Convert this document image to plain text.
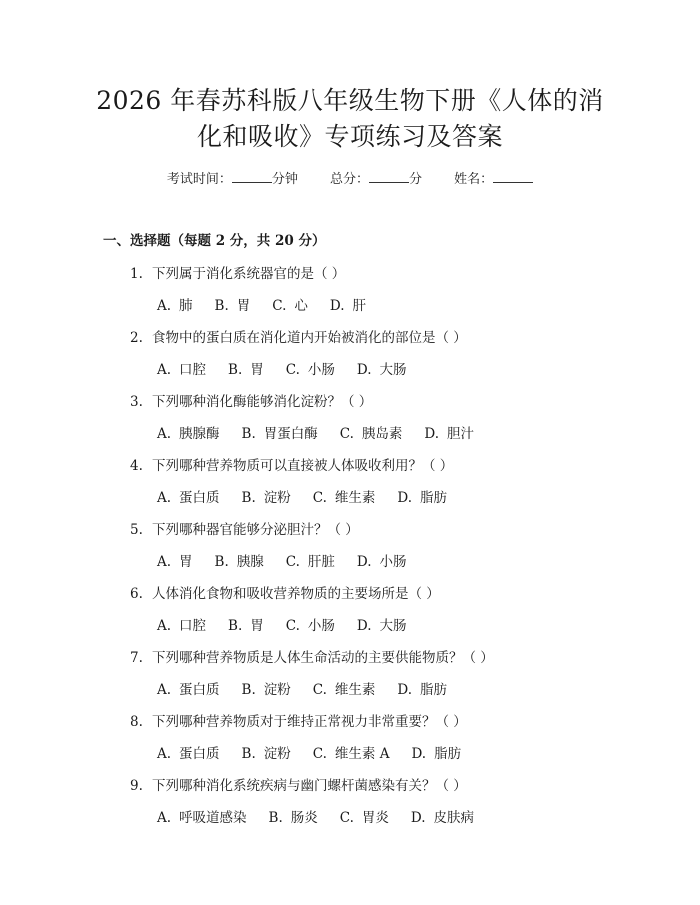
2026 年春苏科版八年级生物下册《人体的消
化和吸收》专项练习及答案
考试时间：	分钟 总分：	分 姓名：
一、选择题（每题 2 分，共 20 分）
1. 下列属于消化系统器官的是（ ）
A. 肺 B. 胃 C. 心 D. 肝
2. 食物中的蛋白质在消化道内开始被消化的部位是（ ）
A. 口腔 B. 胃 C. 小肠 D. 大肠
3. 下列哪种消化酶能够消化淀粉？（ ）
A. 胰腺酶 B. 胃蛋白酶 C. 胰岛素 D. 胆汁
4. 下列哪种营养物质可以直接被人体吸收利用？（ ）
A. 蛋白质 B. 淀粉 C. 维生素 D. 脂肪
5. 下列哪种器官能够分泌胆汁？（ ）
A. 胃 B. 胰腺 C. 肝脏 D. 小肠
6. 人体消化食物和吸收营养物质的主要场所是（ ）
A. 口腔 B. 胃 C. 小肠 D. 大肠
7. 下列哪种营养物质是人体生命活动的主要供能物质？（ ）
A. 蛋白质 B. 淀粉 C. 维生素 D. 脂肪
8. 下列哪种营养物质对于维持正常视力非常重要？（ ）
A. 蛋白质 B. 淀粉 C. 维生素 A D. 脂肪
9. 下列哪种消化系统疾病与幽门螺杆菌感染有关？（ ）
A. 呼吸道感染 B. 肠炎 C. 胃炎 D. 皮肤病
